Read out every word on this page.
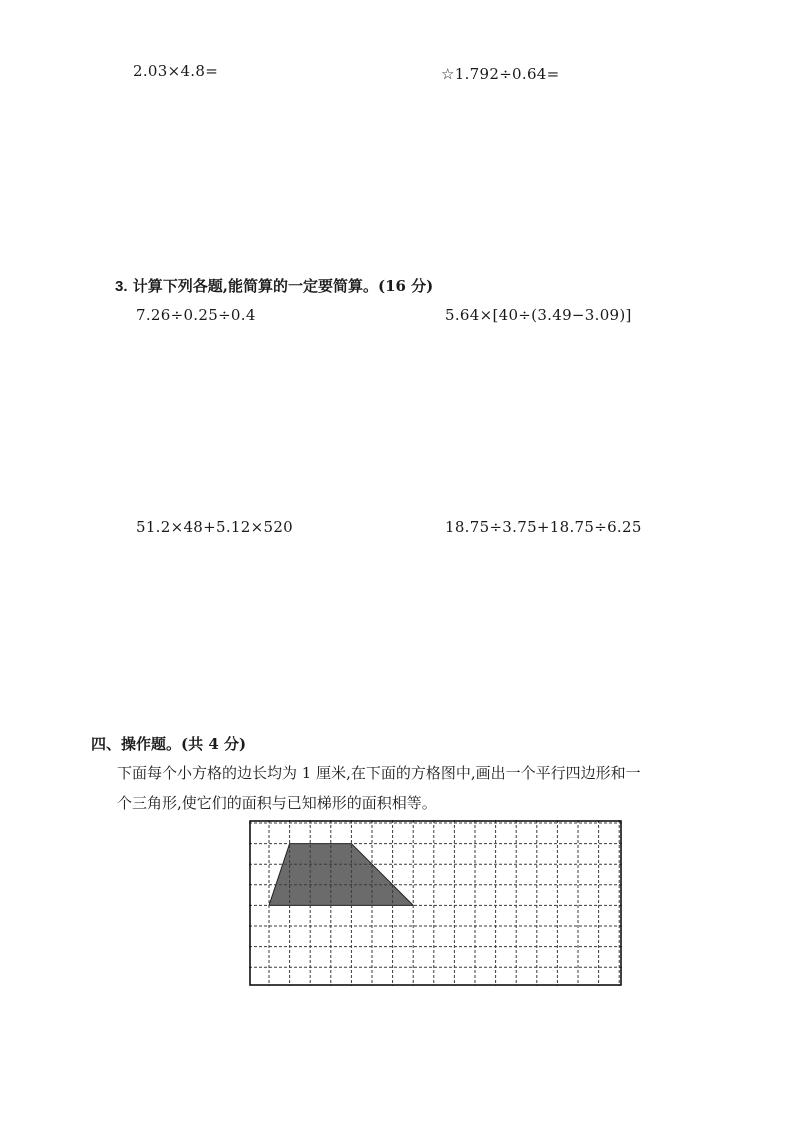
2.03×4.8=	☆1.792÷0.64=
3. 计算下列各题,能简算的一定要简算。(16 分)
7.26÷0.25÷0.4	5.64×[40÷(3.49−3.09)]
51.2×48+5.12×520	18.75÷3.75+18.75÷6.25
四、操作题。(共 4 分)
下面每个小方格的边长均为 1 厘米,在下面的方格图中,画出一个平行四边形和一
个三角形,使它们的面积与已知梯形的面积相等。
